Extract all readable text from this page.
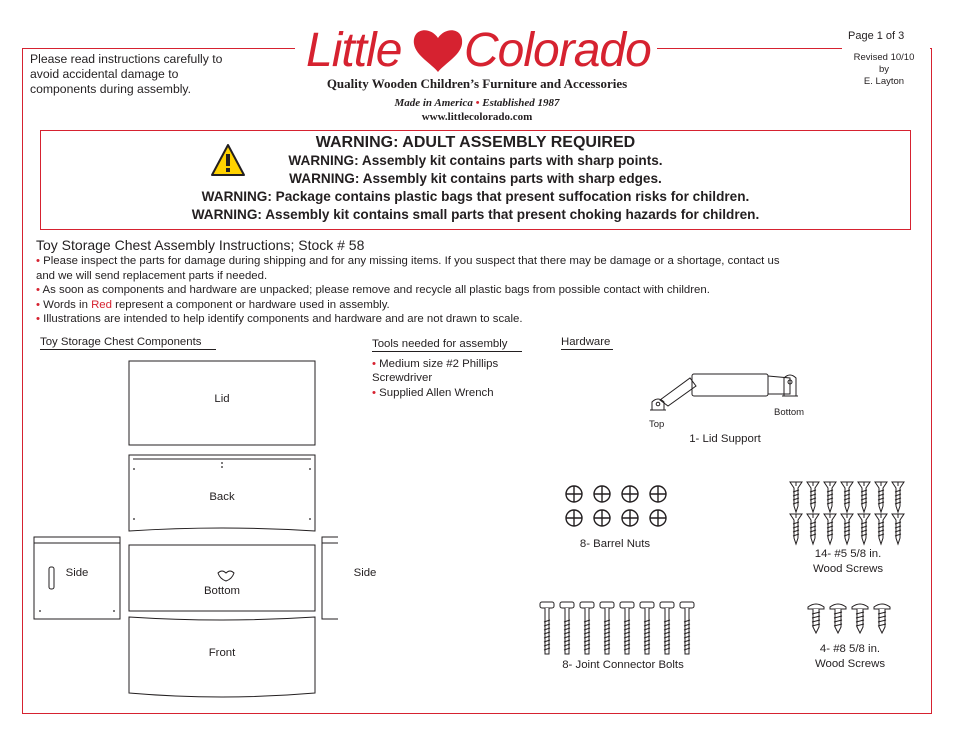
Please read instructions carefully to
avoid accidental damage to
components during assembly.
Page 1 of 3
Revised 10/10
by
E. Layton
Little Colorado
Quality Wooden Children’s Furniture and Accessories
Made in America • Established 1987
www.littlecolorado.com
WARNING: ADULT ASSEMBLY REQUIRED
WARNING: Assembly kit contains parts with sharp points.
WARNING: Assembly kit contains parts with sharp edges.
WARNING: Package contains plastic bags that present suffocation risks for children.
WARNING: Assembly kit contains small parts that present choking hazards for children.
Toy Storage Chest Assembly Instructions; Stock # 58
• Please inspect the parts for damage during shipping and for any missing items. If you suspect that there may be damage or a shortage, contact us
and we will send replacement parts if needed.
• As soon as components and hardware are unpacked; please remove and recycle all plastic bags from possible contact with children.
• Words in Red represent a component or hardware used in assembly.
• Illustrations are intended to help identify components and hardware and are not drawn to scale.
Toy Storage Chest Components	Tools needed for assembly	Hardware
• Medium size #2 Phillips
Screwdriver
• Supplied Allen Wrench
Lid
Back
Side	Side
Bottom
Front
Top
Bottom
1- Lid Support
8- Barrel Nuts
14- #5 5/8 in.
Wood Screws
8- Joint Connector Bolts
4- #8 5/8 in.
Wood Screws
